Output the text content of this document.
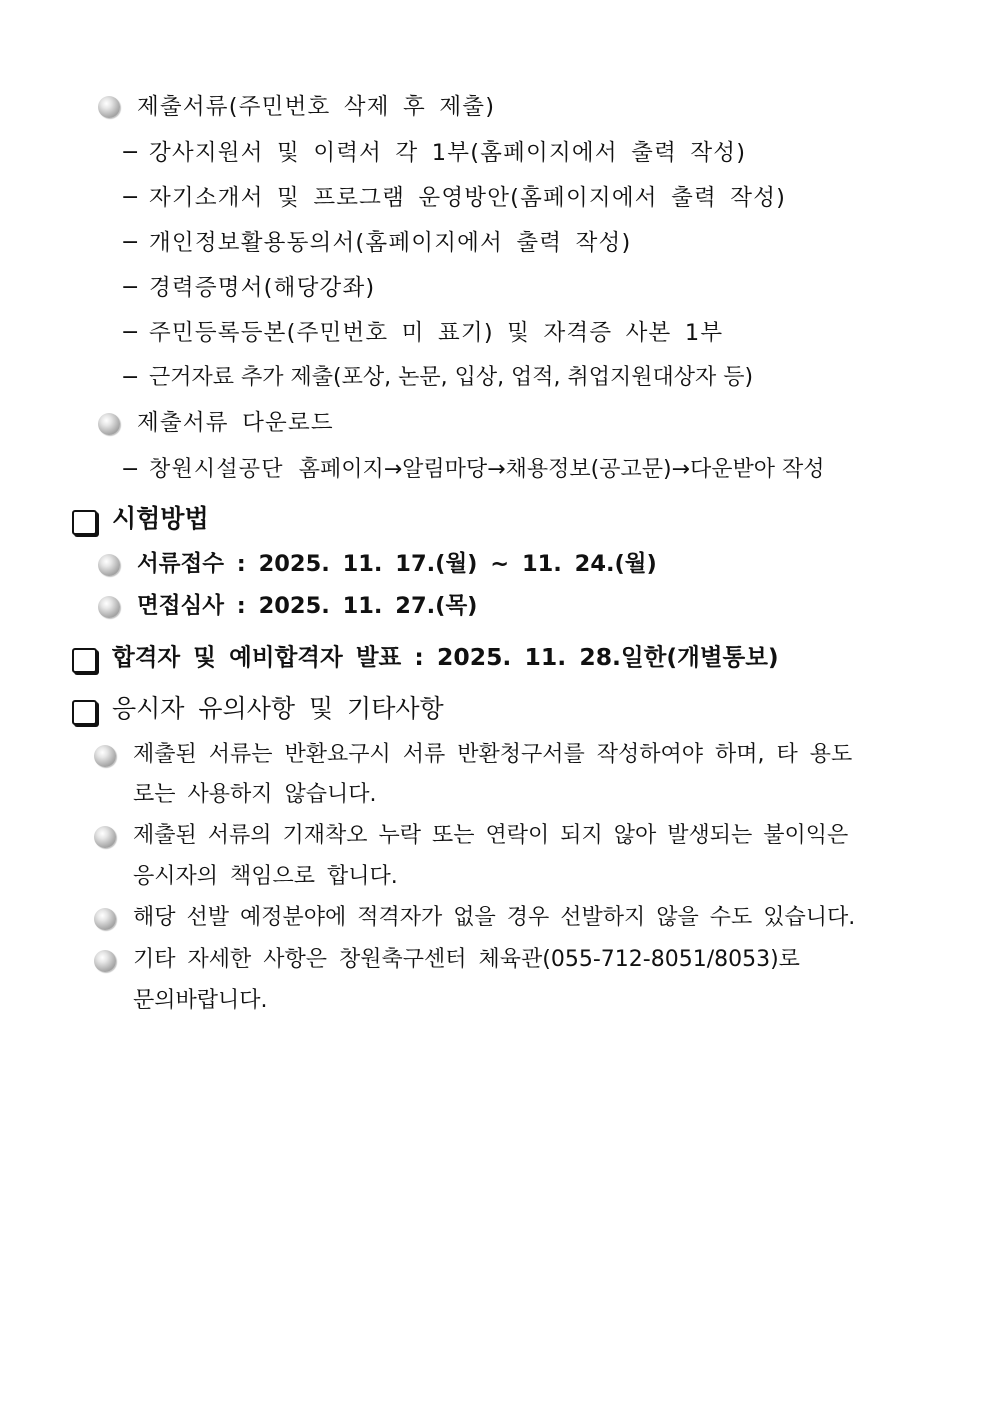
제출서류(주민번호 삭제 후 제출)
− 강사지원서 및 이력서 각 1부(홈페이지에서 출력 작성)
− 자기소개서 및 프로그램 운영방안(홈페이지에서 출력 작성)
− 개인정보활용동의서(홈페이지에서 출력 작성)
− 경력증명서(해당강좌)
− 주민등록등본(주민번호 미 표기) 및 자격증 사본 1부
− 근거자료 추가 제출(포상, 논문, 입상, 업적, 취업지원대상자 등)
제출서류 다운로드
− 창원시설공단 홈페이지→알림마당→채용정보(공고문)→다운받아 작성
시험방법
서류접수 : 2025. 11. 17.(월) ~ 11. 24.(월)
면접심사 : 2025. 11. 27.(목)
합격자 및 예비합격자 발표 : 2025. 11. 28.일한(개별통보)
응시자 유의사항 및 기타사항
제출된 서류는 반환요구시 서류 반환청구서를 작성하여야 하며, 타 용도
로는 사용하지 않습니다.
제출된 서류의 기재착오 누락 또는 연락이 되지 않아 발생되는 불이익은
응시자의 책임으로 합니다.
해당 선발 예정분야에 적격자가 없을 경우 선발하지 않을 수도 있습니다.
기타 자세한 사항은 창원축구센터 체육관(055-712-8051/8053)로
문의바랍니다.
